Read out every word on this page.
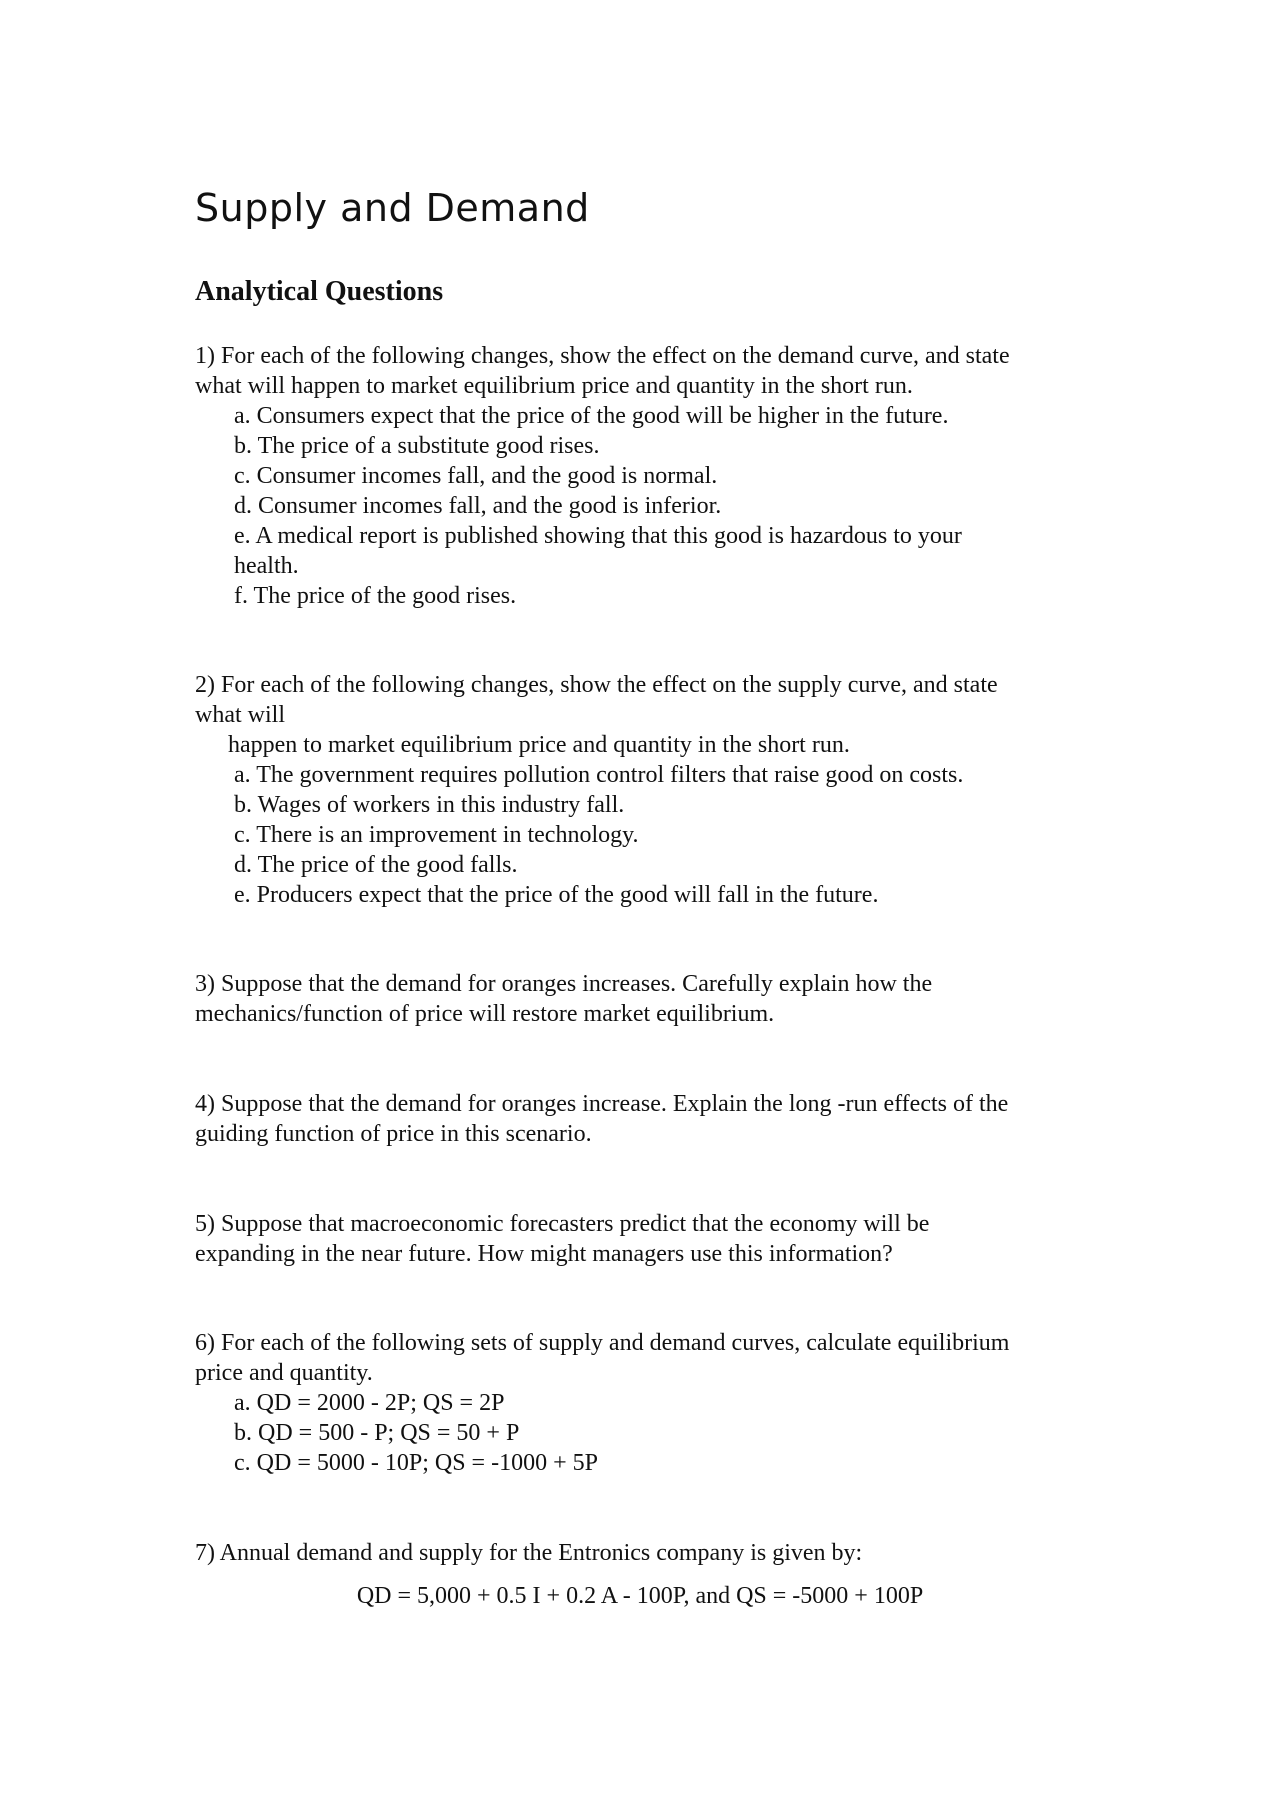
Supply and Demand
Analytical Questions
1) For each of the following changes, show the effect on the demand curve, and state
what will happen to market equilibrium price and quantity in the short run.
a. Consumers expect that the price of the good will be higher in the future.
b. The price of a substitute good rises.
c. Consumer incomes fall, and the good is normal.
d. Consumer incomes fall, and the good is inferior.
e. A medical report is published showing that this good is hazardous to your
health.
f. The price of the good rises.
2) For each of the following changes, show the effect on the supply curve, and state
what will
happen to market equilibrium price and quantity in the short run.
a. The government requires pollution control filters that raise good on costs.
b. Wages of workers in this industry fall.
c. There is an improvement in technology.
d. The price of the good falls.
e. Producers expect that the price of the good will fall in the future.
3) Suppose that the demand for oranges increases. Carefully explain how the
mechanics/function of price will restore market equilibrium.
4) Suppose that the demand for oranges increase. Explain the long -run effects of the
guiding function of price in this scenario.
5) Suppose that macroeconomic forecasters predict that the economy will be
expanding in the near future. How might managers use this information?
6) For each of the following sets of supply and demand curves, calculate equilibrium
price and quantity.
a. QD = 2000 - 2P; QS = 2P
b. QD = 500 - P; QS = 50 + P
c. QD = 5000 - 10P; QS = -1000 + 5P
7) Annual demand and supply for the Entronics company is given by:
QD = 5,000 + 0.5 I + 0.2 A - 100P, and QS = -5000 + 100P
